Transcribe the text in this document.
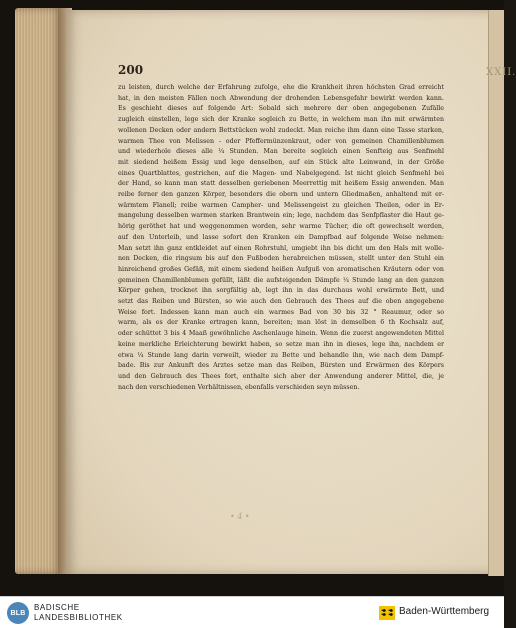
XXII.
200
zu leisten, durch welche der Erfahrung zufolge, ehe die Krankheit ihren höchsten Grad erreicht
hat, in den meisten Fällen noch Abwendung der drohenden Lebensgefahr bewirkt werden kann.
Es geschieht dieses auf folgende Art: Sobald sich mehrere der oben angegebenen Zufälle
zugleich einstellen, lege sich der Kranke sogleich zu Bette, in welchem man ihn mit erwärmten
wollenen Decken oder andern Bettstücken wohl zudeckt. Man reiche ihm dann eine Tasse starken,
warmen Thee von Melissen - oder Pfeffermünzenkraut, oder von gemeinen Chamillenblumen
und wiederhole dieses alle ¼ Stunden. Man bereite sogleich einen Senfteig aus Senfmehl
mit siedend heißem Essig und lege denselben, auf ein Stück alte Leinwand, in der Größe
eines Quartblattes, gestrichen, auf die Magen- und Nabelgegend. Ist nicht gleich Senfmehl bei
der Hand, so kann man statt desselben geriebenen Meerrettig mit heißem Essig anwenden. Man
reibe ferner den ganzen Körper, besonders die obern und untern Gliedmaßen, anhaltend mit er-
wärmtem Flanell; reibe warmen Campher- und Melissengeist zu gleichen Theilen, oder in Er-
mangelung desselben warmen starken Brantwein ein; lege, nachdem das Senfpflaster die Haut ge-
hörig geröthet hat und weggenommen worden, sehr warme Tücher, die oft gewechselt werden,
auf den Unterleib, und lasse sofort den Kranken ein Dampfbad auf folgende Weise nehmen:
Man setzt ihn ganz entkleidet auf einen Rohrstuhl, umgiebt ihn bis dicht um den Hals mit wolle-
nen Decken, die ringsum bis auf den Fußboden herabreichen müssen, stellt unter den Stuhl ein
hinreichend großes Gefäß, mit einem siedend heißen Aufguß von aromatischen Kräutern oder von
gemeinen Chamillenblumen gefüllt, läßt die aufsteigenden Dämpfe ¼ Stunde lang an den ganzen
Körper gehen, trocknet ihn sorgfältig ab, legt ihn in das durchaus wohl erwärmte Bett, und
setzt das Reiben und Bürsten, so wie auch den Gebrauch des Thees auf die oben angegebene
Weise fort. Indessen kann man auch ein warmes Bad von 30 bis 32 ° Reaumur, oder so
warm, als es der Kranke ertragen kann, bereiten; man löst in demselben 6 th Kochsalz auf,
oder schüttet 3 bis 4 Maaß gewöhnliche Aschenlauge hinein. Wenn die zuerst angewendeten Mittel
keine merkliche Erleichterung bewirkt haben, so setze man ihn in dieses, lege ihn, nachdem er
etwa ¼ Stunde lang darin verweilt, wieder zu Bette und behandle ihn, wie nach dem Dampf-
bade. Bis zur Ankunft des Arztes setze man das Reiben, Bürsten und Erwärmen des Körpers
und den Gebrauch des Thees fort, enthalte sich aber der Anwendung anderer Mittel, die, je
nach den verschiedenen Verhältnissen, ebenfalls verschieden seyn müssen.
• 4 •
BLB
BADISCHE
LANDESBIBLIOTHEK
Baden-Württemberg
